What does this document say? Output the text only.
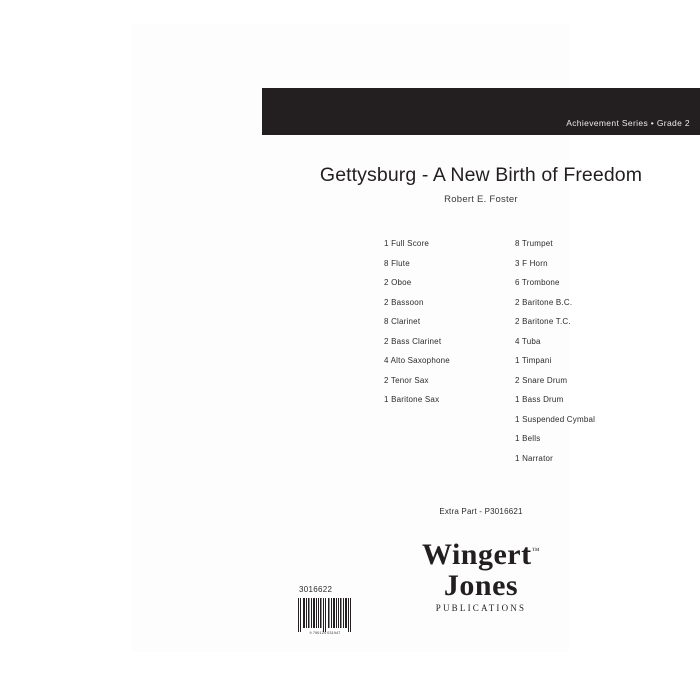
Achievement Series • Grade 2
Gettysburg - A New Birth of Freedom
Robert E. Foster
1 Full Score
8 Flute
2 Oboe
2 Bassoon
8 Clarinet
2 Bass Clarinet
4 Alto Saxophone
2 Tenor Sax
1 Baritone Sax
8 Trumpet
3 F Horn
6 Trombone
2 Baritone B.C.
2 Baritone T.C.
4 Tuba
1 Timpani
2 Snare Drum
1 Bass Drum
1 Suspended Cymbal
1 Bells
1 Narrator
Extra Part - P3016621
Wingert™
Jones
PUBLICATIONS
3016622
9 790124 031947
